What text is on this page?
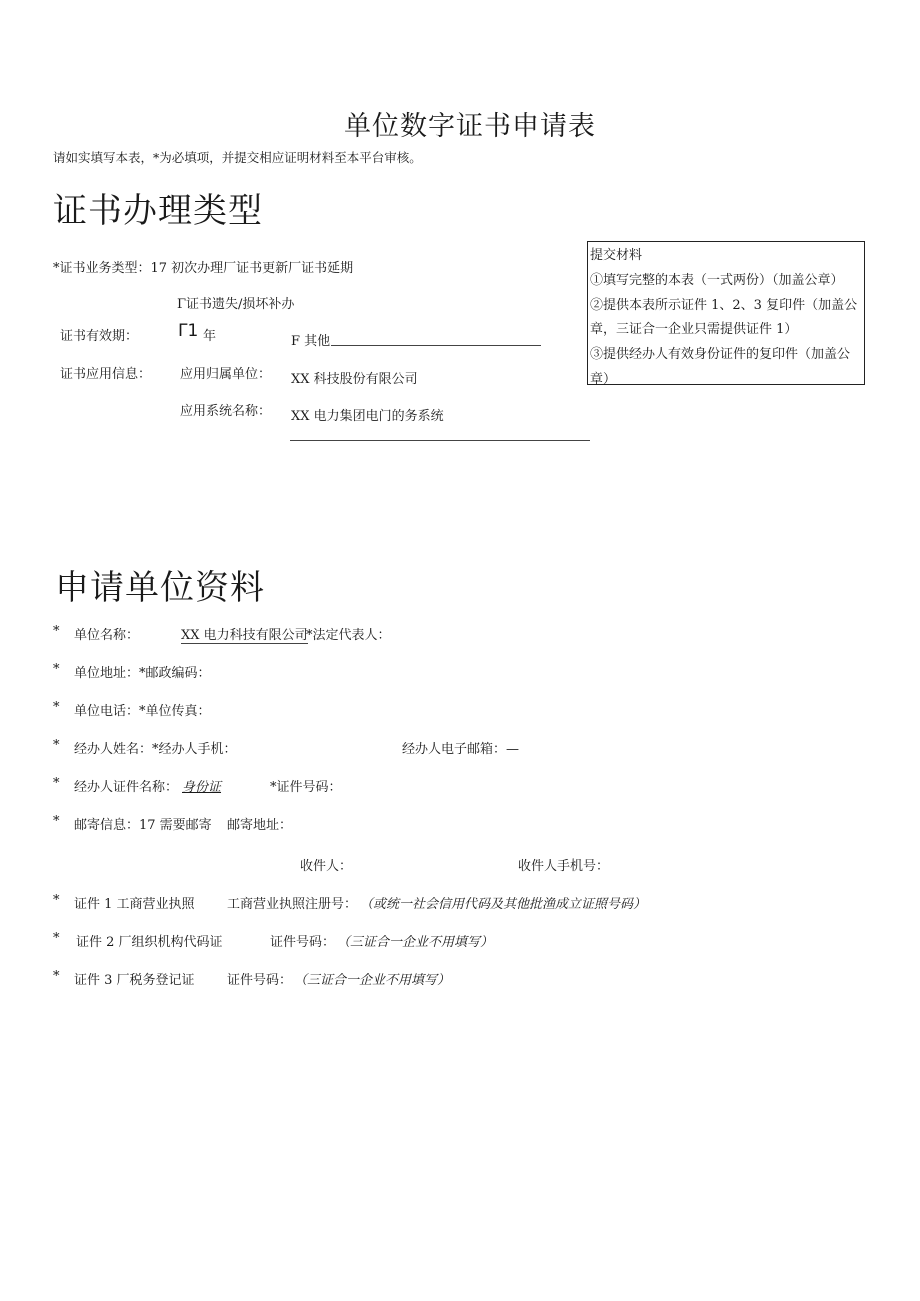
单位数字证书申请表
请如实填写本表，*为必填项，并提交相应证明材料至本平台审核。
证书办理类型
*证书业务类型：17 初次办理厂证书更新厂证书延期
Γ证书遗失/损坏补办
证书有效期： Γ1 年	F 其他
证书应用信息： 应用归属单位： XX 科技股份有限公司
应用系统名称： XX 电力集团电门的务系统
提交材料
①填写完整的本表（一式两份）（加盖公章）
②提供本表所示证件 1、2、3 复印件（加盖公
章，三证合一企业只需提供证件 1）
③提供经办人有效身份证件的复印件（加盖公
章）
申请单位资料
* 单位名称：	XX 电力科技有限公司
*法定代表人：
* 单位地址：*邮政编码：
* 单位电话：*单位传真：
* 经办人姓名：*经办人手机：	经办人电子邮箱：—
* 经办人证件名称： 身份证	*证件号码：
* 邮寄信息：17 需要邮寄 邮寄地址：
收件人：	收件人手机号：
* 证件 1 工商营业执照 工商营业执照注册号： （或统一社会信用代码及其他批渔成立证照号码）
* 证件 2 厂组织机构代码证	证件号码： （三证合一企业不用填写）
* 证件 3 厂税务登记证 证件号码： （三证合一企业不用填写）
